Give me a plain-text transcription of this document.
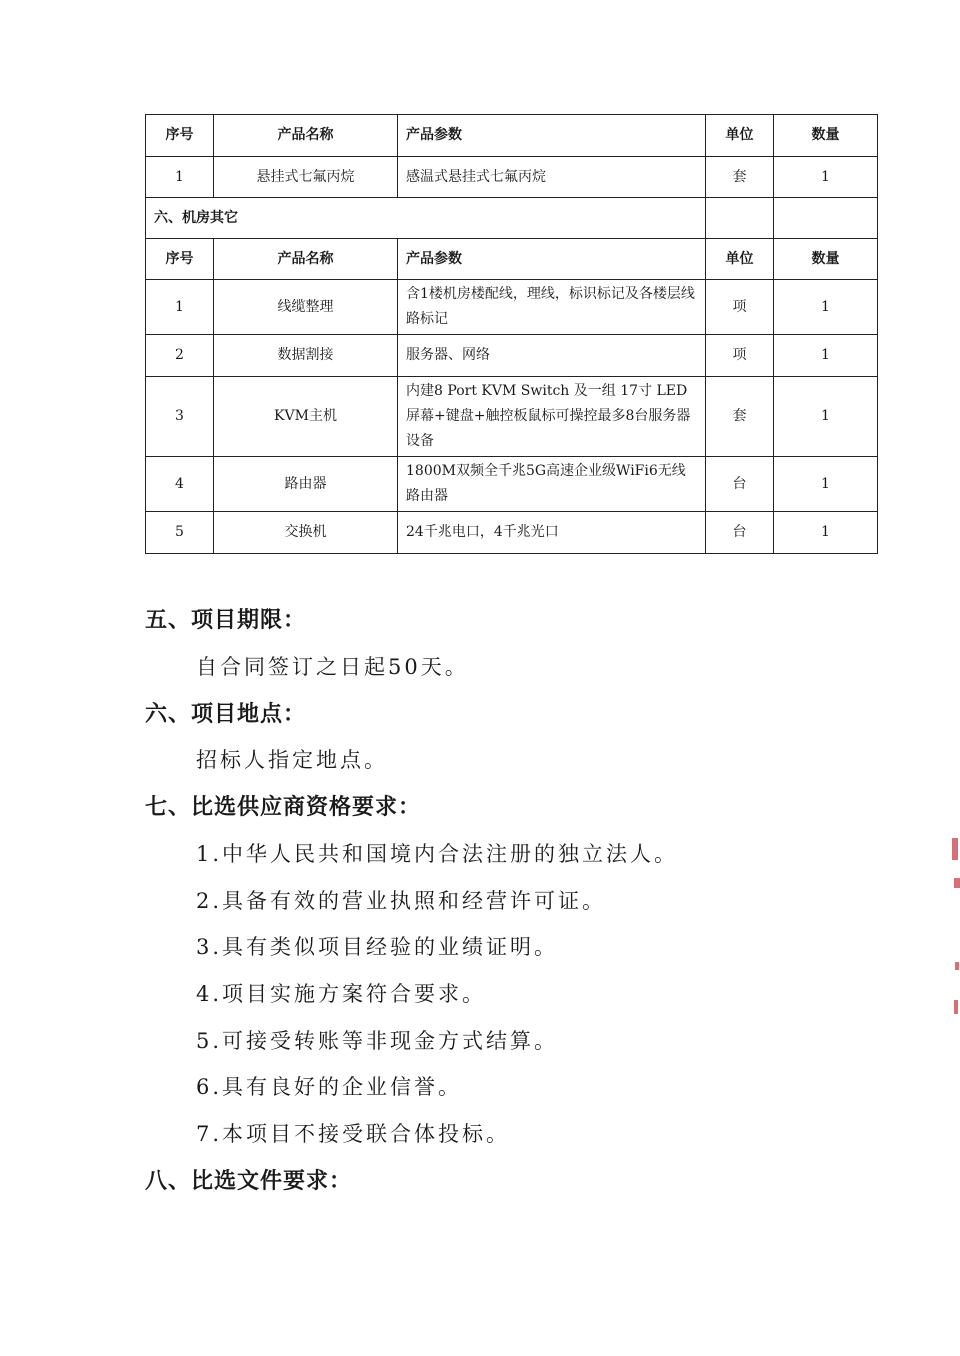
序号	产品名称	产品参数	单位	数量
1	悬挂式七氟丙烷	感温式悬挂式七氟丙烷	套	1
六、机房其它				
序号	产品名称	产品参数	单位	数量
1	线缆整理	含1楼机房楼配线，理线，标识标记及各楼层线路标记	项	1
2	数据割接	服务器、网络	项	1
3	KVM主机	内建8 Port KVM Switch 及一组 17寸 LED屏幕+键盘+触控板鼠标可操控最多8台服务器设备	套	1
4	路由器	1800M双频全千兆5G高速企业级WiFi6无线路由器	台	1
5	交换机	24千兆电口，4千兆光口	台	1
五、项目期限：
自合同签订之日起50天。
六、项目地点：
招标人指定地点。
七、比选供应商资格要求：
1.中华人民共和国境内合法注册的独立法人。
2.具备有效的营业执照和经营许可证。
3.具有类似项目经验的业绩证明。
4.项目实施方案符合要求。
5.可接受转账等非现金方式结算。
6.具有良好的企业信誉。
7.本项目不接受联合体投标。
八、比选文件要求：
